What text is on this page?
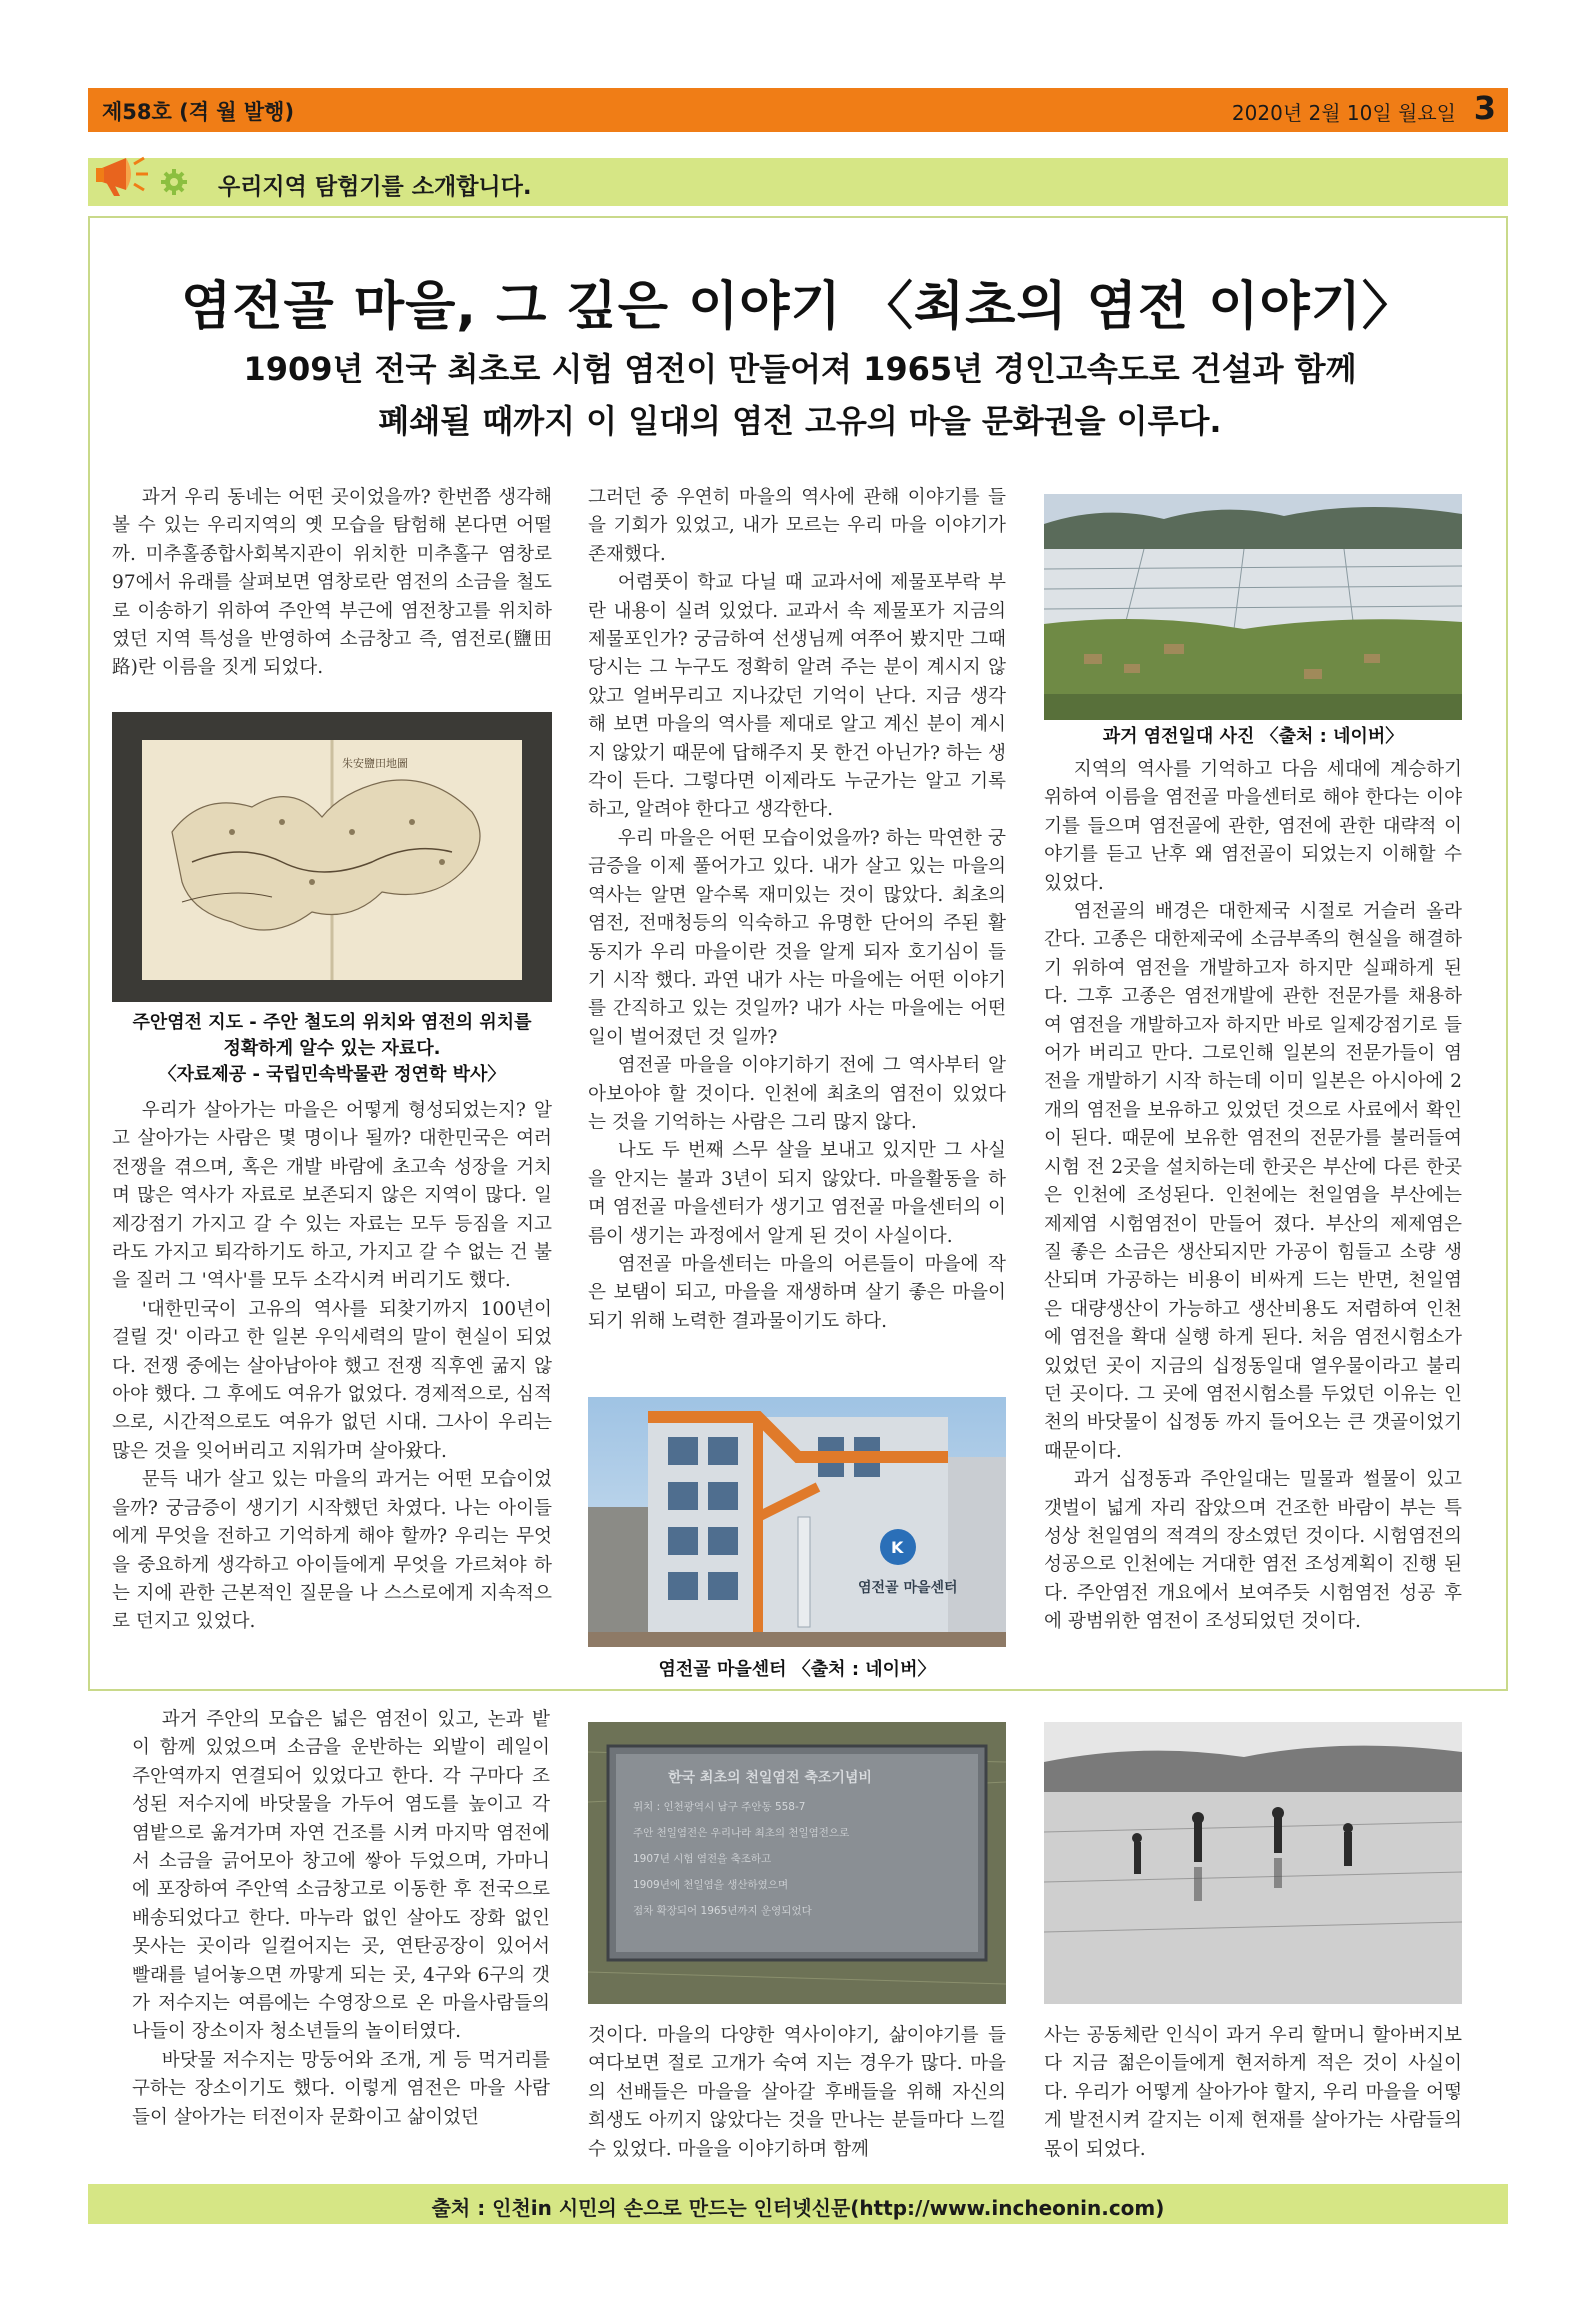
제58호 (격 월 발행)	2020년 2월 10일 월요일 3
우리지역 탐험기를 소개합니다.
염전골 마을, 그 깊은 이야기 〈최초의 염전 이야기〉
1909년 전국 최초로 시험 염전이 만들어져 1965년 경인고속도로 건설과 함께
폐쇄될 때까지 이 일대의 염전 고유의 마을 문화권을 이루다.

과거 우리 동네는 어떤 곳이었을까? 한번쯤 생각해볼 수 있는 우리지역의 옛 모습을 탐험해 본다면 어떨까. 미추홀종합사회복지관이 위치한 미추홀구 염창로 97에서 유래를 살펴보면 염창로란 염전의 소금을 철도로 이송하기 위하여 주안역 부근에 염전창고를 위치하였던 지역 특성을 반영하여 소금창고 즉, 염전로(鹽田路)란 이름을 짓게 되었다.

朱安鹽田地圖
주안염전 지도 - 주안 철도의 위치와 염전의 위치를
정확하게 알수 있는 자료다.
〈자료제공 - 국립민속박물관 정연학 박사〉

우리가 살아가는 마을은 어떻게 형성되었는지? 알고 살아가는 사람은 몇 명이나 될까? 대한민국은 여러 전쟁을 겪으며, 혹은 개발 바람에 초고속 성장을 거치며 많은 역사가 자료로 보존되지 않은 지역이 많다. 일제강점기 가지고 갈 수 있는 자료는 모두 등짐을 지고라도 가지고 퇴각하기도 하고, 가지고 갈 수 없는 건 불을 질러 그 '역사'를 모두 소각시켜 버리기도 했다.

'대한민국이 고유의 역사를 되찾기까지 100년이 걸릴 것' 이라고 한 일본 우익세력의 말이 현실이 되었다. 전쟁 중에는 살아남아야 했고 전쟁 직후엔 굶지 않아야 했다. 그 후에도 여유가 없었다. 경제적으로, 심적으로, 시간적으로도 여유가 없던 시대. 그사이 우리는 많은 것을 잊어버리고 지워가며 살아왔다.

문득 내가 살고 있는 마을의 과거는 어떤 모습이었을까? 궁금증이 생기기 시작했던 차였다. 나는 아이들에게 무엇을 전하고 기억하게 해야 할까? 우리는 무엇을 중요하게 생각하고 아이들에게 무엇을 가르쳐야 하는 지에 관한 근본적인 질문을 나 스스로에게 지속적으로 던지고 있었다.

그러던 중 우연히 마을의 역사에 관해 이야기를 들을 기회가 있었고, 내가 모르는 우리 마을 이야기가 존재했다.

어렴풋이 학교 다닐 때 교과서에 제물포부락 부란 내용이 실려 있었다. 교과서 속 제물포가 지금의 제물포인가? 궁금하여 선생님께 여쭈어 봤지만 그때 당시는 그 누구도 정확히 알려 주는 분이 계시지 않았고 얼버무리고 지나갔던 기억이 난다. 지금 생각해 보면 마을의 역사를 제대로 알고 계신 분이 계시지 않았기 때문에 답해주지 못 한건 아닌가? 하는 생각이 든다. 그렇다면 이제라도 누군가는 알고 기록하고, 알려야 한다고 생각한다.

우리 마을은 어떤 모습이었을까? 하는 막연한 궁금증을 이제 풀어가고 있다. 내가 살고 있는 마을의 역사는 알면 알수록 재미있는 것이 많았다. 최초의 염전, 전매청등의 익숙하고 유명한 단어의 주된 활동지가 우리 마을이란 것을 알게 되자 호기심이 들기 시작 했다. 과연 내가 사는 마을에는 어떤 이야기를 간직하고 있는 것일까? 내가 사는 마을에는 어떤 일이 벌어졌던 것 일까?

염전골 마을을 이야기하기 전에 그 역사부터 알아보아야 할 것이다. 인천에 최초의 염전이 있었다는 것을 기억하는 사람은 그리 많지 않다.

나도 두 번째 스무 살을 보내고 있지만 그 사실을 안지는 불과 3년이 되지 않았다. 마을활동을 하며 염전골 마을센터가 생기고 염전골 마을센터의 이름이 생기는 과정에서 알게 된 것이 사실이다.

염전골 마을센터는 마을의 어른들이 마을에 작은 보탬이 되고, 마을을 재생하며 살기 좋은 마을이 되기 위해 노력한 결과물이기도 하다.

K
염전골 마을센터
염전골 마을센터 〈출처 : 네이버〉
과거 염전일대 사진 〈출처 : 네이버〉

지역의 역사를 기억하고 다음 세대에 계승하기 위하여 이름을 염전골 마을센터로 해야 한다는 이야기를 들으며 염전골에 관한, 염전에 관한 대략적 이야기를 듣고 난후 왜 염전골이 되었는지 이해할 수 있었다.

염전골의 배경은 대한제국 시절로 거슬러 올라간다. 고종은 대한제국에 소금부족의 현실을 해결하기 위하여 염전을 개발하고자 하지만 실패하게 된다. 그후 고종은 염전개발에 관한 전문가를 채용하여 염전을 개발하고자 하지만 바로 일제강점기로 들어가 버리고 만다. 그로인해 일본의 전문가들이 염전을 개발하기 시작 하는데 이미 일본은 아시아에 2개의 염전을 보유하고 있었던 것으로 사료에서 확인이 된다. 때문에 보유한 염전의 전문가를 불러들여 시험 전 2곳을 설치하는데 한곳은 부산에 다른 한곳은 인천에 조성된다. 인천에는 천일염을 부산에는 제제염 시험염전이 만들어 졌다. 부산의 제제염은 질 좋은 소금은 생산되지만 가공이 힘들고 소량 생산되며 가공하는 비용이 비싸게 드는 반면, 천일염은 대량생산이 가능하고 생산비용도 저렴하여 인천에 염전을 확대 실행 하게 된다. 처음 염전시험소가 있었던 곳이 지금의 십정동일대 열우물이라고 불리던 곳이다. 그 곳에 염전시험소를 두었던 이유는 인천의 바닷물이 십정동 까지 들어오는 큰 갯골이었기 때문이다.

과거 십정동과 주안일대는 밀물과 썰물이 있고 갯벌이 넓게 자리 잡았으며 건조한 바람이 부는 특성상 천일염의 적격의 장소였던 것이다. 시험염전의 성공으로 인천에는 거대한 염전 조성계획이 진행 된다. 주안염전 개요에서 보여주듯 시험염전 성공 후에 광범위한 염전이 조성되었던 것이다.

과거 주안의 모습은 넓은 염전이 있고, 논과 밭이 함께 있었으며 소금을 운반하는 외발이 레일이 주안역까지 연결되어 있었다고 한다. 각 구마다 조성된 저수지에 바닷물을 가두어 염도를 높이고 각 염밭으로 옮겨가며 자연 건조를 시켜 마지막 염전에서 소금을 긁어모아 창고에 쌓아 두었으며, 가마니에 포장하여 주안역 소금창고로 이동한 후 전국으로 배송되었다고 한다. 마누라 없인 살아도 장화 없인 못사는 곳이라 일컬어지는 곳, 연탄공장이 있어서 빨래를 널어놓으면 까맣게 되는 곳, 4구와 6구의 갯가 저수지는 여름에는 수영장으로 온 마을사람들의 나들이 장소이자 청소년들의 놀이터였다.

바닷물 저수지는 망둥어와 조개, 게 등 먹거리를 구하는 장소이기도 했다. 이렇게 염전은 마을 사람들이 살아가는 터전이자 문화이고 삶이었던

한국 최초의 천일염전 축조기념비
위치 : 인천광역시 남구 주안동 558-7
주안 천일염전은 우리나라 최초의 천일염전으로
1907년 시험 염전을 축조하고
1909년에 천일염을 생산하였으며
점차 확장되어 1965년까지 운영되었다

것이다. 마을의 다양한 역사이야기, 삶이야기를 들여다보면 절로 고개가 숙여 지는 경우가 많다. 마을의 선배들은 마을을 살아갈 후배들을 위해 자신의 희생도 아끼지 않았다는 것을 만나는 분들마다 느낄 수 있었다. 마을을 이야기하며 함께

사는 공동체란 인식이 과거 우리 할머니 할아버지보다 지금 젊은이들에게 현저하게 적은 것이 사실이다. 우리가 어떻게 살아가야 할지, 우리 마을을 어떻게 발전시켜 갈지는 이제 현재를 살아가는 사람들의 몫이 되었다.

출처 : 인천in 시민의 손으로 만드는 인터넷신문(http://www.incheonin.com)
